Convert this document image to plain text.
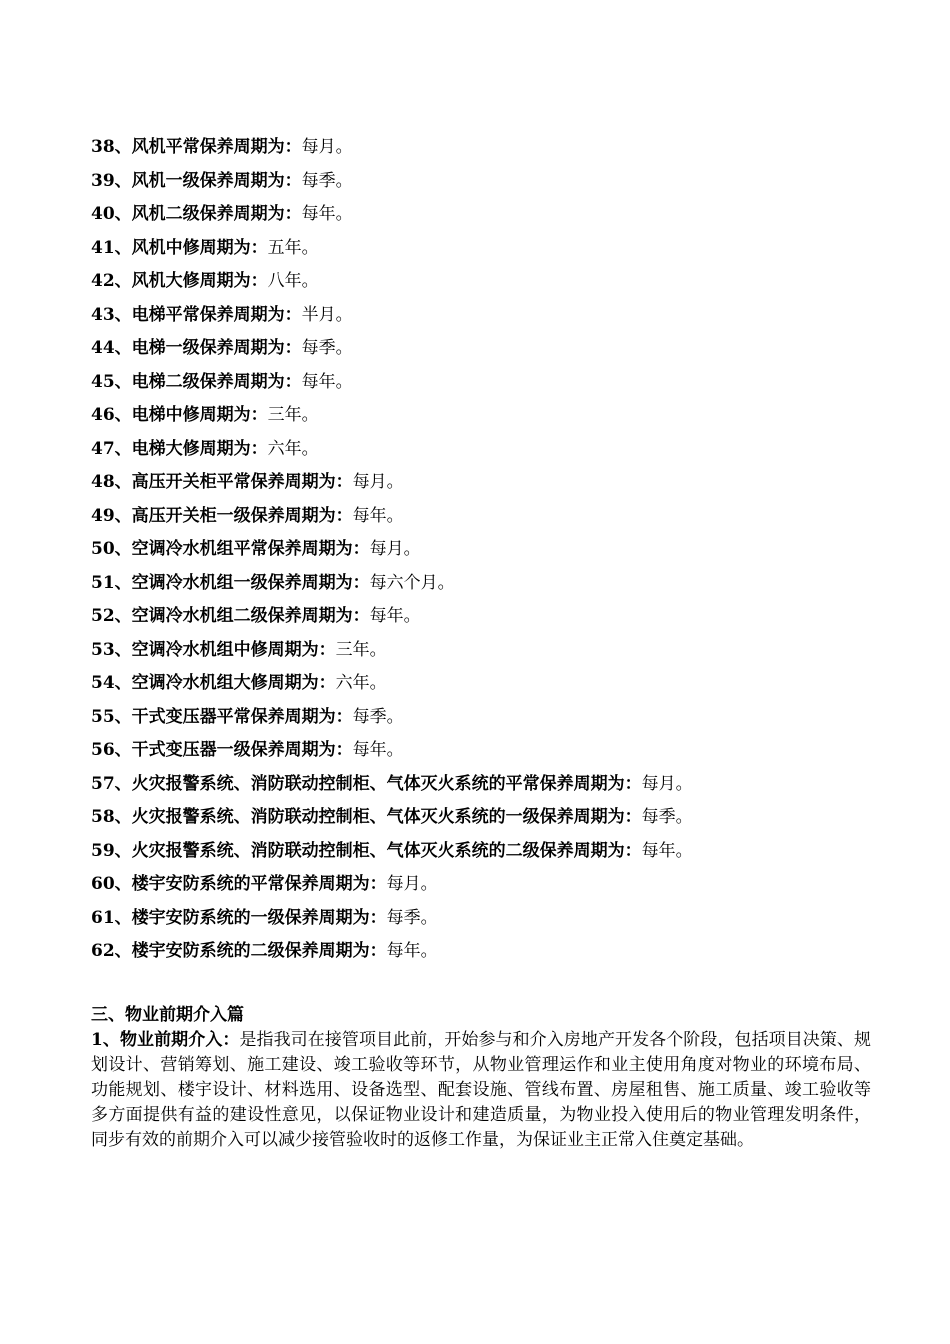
38、风机平常保养周期为：每月。
39、风机一级保养周期为：每季。
40、风机二级保养周期为：每年。
41、风机中修周期为：五年。
42、风机大修周期为：八年。
43、电梯平常保养周期为：半月。
44、电梯一级保养周期为：每季。
45、电梯二级保养周期为：每年。
46、电梯中修周期为：三年。
47、电梯大修周期为：六年。
48、高压开关柜平常保养周期为：每月。
49、高压开关柜一级保养周期为：每年。
50、空调冷水机组平常保养周期为：每月。
51、空调冷水机组一级保养周期为：每六个月。
52、空调冷水机组二级保养周期为：每年。
53、空调冷水机组中修周期为：三年。
54、空调冷水机组大修周期为：六年。
55、干式变压器平常保养周期为：每季。
56、干式变压器一级保养周期为：每年。
57、火灾报警系统、消防联动控制柜、气体灭火系统的平常保养周期为：每月。
58、火灾报警系统、消防联动控制柜、气体灭火系统的一级保养周期为：每季。
59、火灾报警系统、消防联动控制柜、气体灭火系统的二级保养周期为：每年。
60、楼宇安防系统的平常保养周期为：每月。
61、楼宇安防系统的一级保养周期为：每季。
62、楼宇安防系统的二级保养周期为：每年。
三、物业前期介入篇
1、物业前期介入：是指我司在接管项目此前，开始参与和介入房地产开发各个阶段，包括项目决策、规划设计、营销筹划、施工建设、竣工验收等环节，从物业管理运作和业主使用角度对物业的环境布局、功能规划、楼宇设计、材料选用、设备选型、配套设施、管线布置、房屋租售、施工质量、竣工验收等多方面提供有益的建设性意见，以保证物业设计和建造质量，为物业投入使用后的物业管理发明条件，同步有效的前期介入可以减少接管验收时的返修工作量，为保证业主正常入住奠定基础。
